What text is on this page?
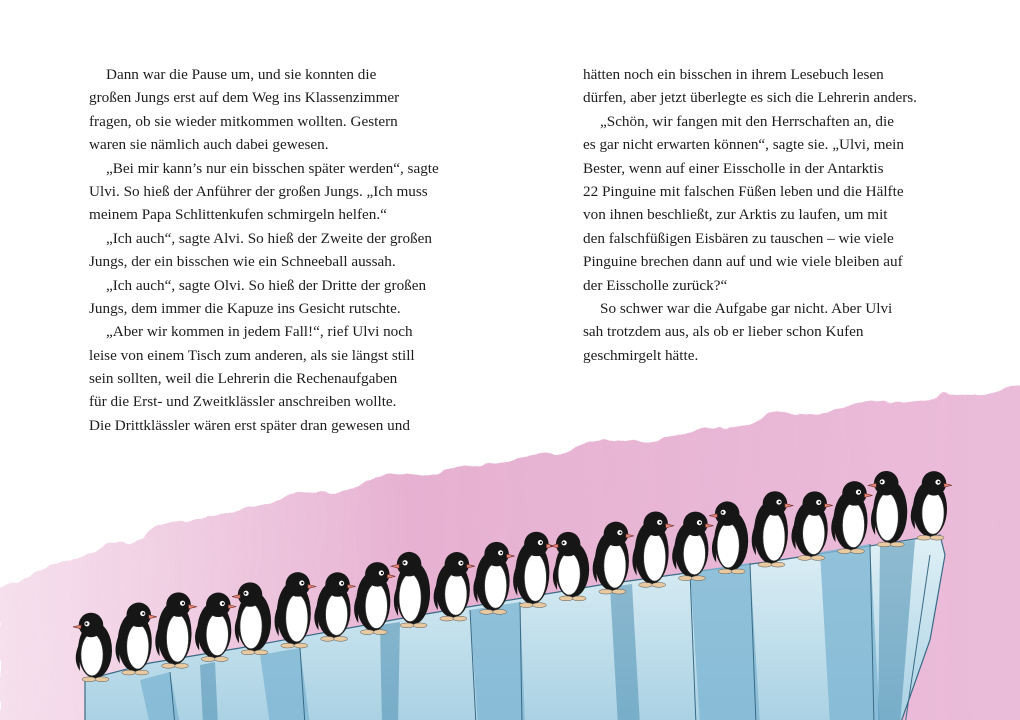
Dann war die Pause um, und sie konnten die
großen Jungs erst auf dem Weg ins Klassenzimmer
fragen, ob sie wieder mitkommen wollten. Gestern
waren sie nämlich auch dabei gewesen.
„Bei mir kann’s nur ein bisschen später werden“, sagte
Ulvi. So hieß der Anführer der großen Jungs. „Ich muss
meinem Papa Schlittenkufen schmirgeln helfen.“
„Ich auch“, sagte Alvi. So hieß der Zweite der großen
Jungs, der ein bisschen wie ein Schneeball aussah.
„Ich auch“, sagte Olvi. So hieß der Dritte der großen
Jungs, dem immer die Kapuze ins Gesicht rutschte.
„Aber wir kommen in jedem Fall!“, rief Ulvi noch
leise von einem Tisch zum anderen, als sie längst still
sein sollten, weil die Lehrerin die Rechenaufgaben
für die Erst- und Zweitklässler anschreiben wollte.
Die Drittklässler wären erst später dran gewesen und
hätten noch ein bisschen in ihrem Lesebuch lesen
dürfen, aber jetzt überlegte es sich die Lehrerin anders.
„Schön, wir fangen mit den Herrschaften an, die
es gar nicht erwarten können“, sagte sie. „Ulvi, mein
Bester, wenn auf einer Eisscholle in der Antarktis
22 Pinguine mit falschen Füßen leben und die Hälfte
von ihnen beschließt, zur Arktis zu laufen, um mit
den falschfüßigen Eisbären zu tauschen – wie viele
Pinguine brechen dann auf und wie viele bleiben auf
der Eisscholle zurück?“
So schwer war die Aufgabe gar nicht. Aber Ulvi
sah trotzdem aus, als ob er lieber schon Kufen
geschmirgelt hätte.
